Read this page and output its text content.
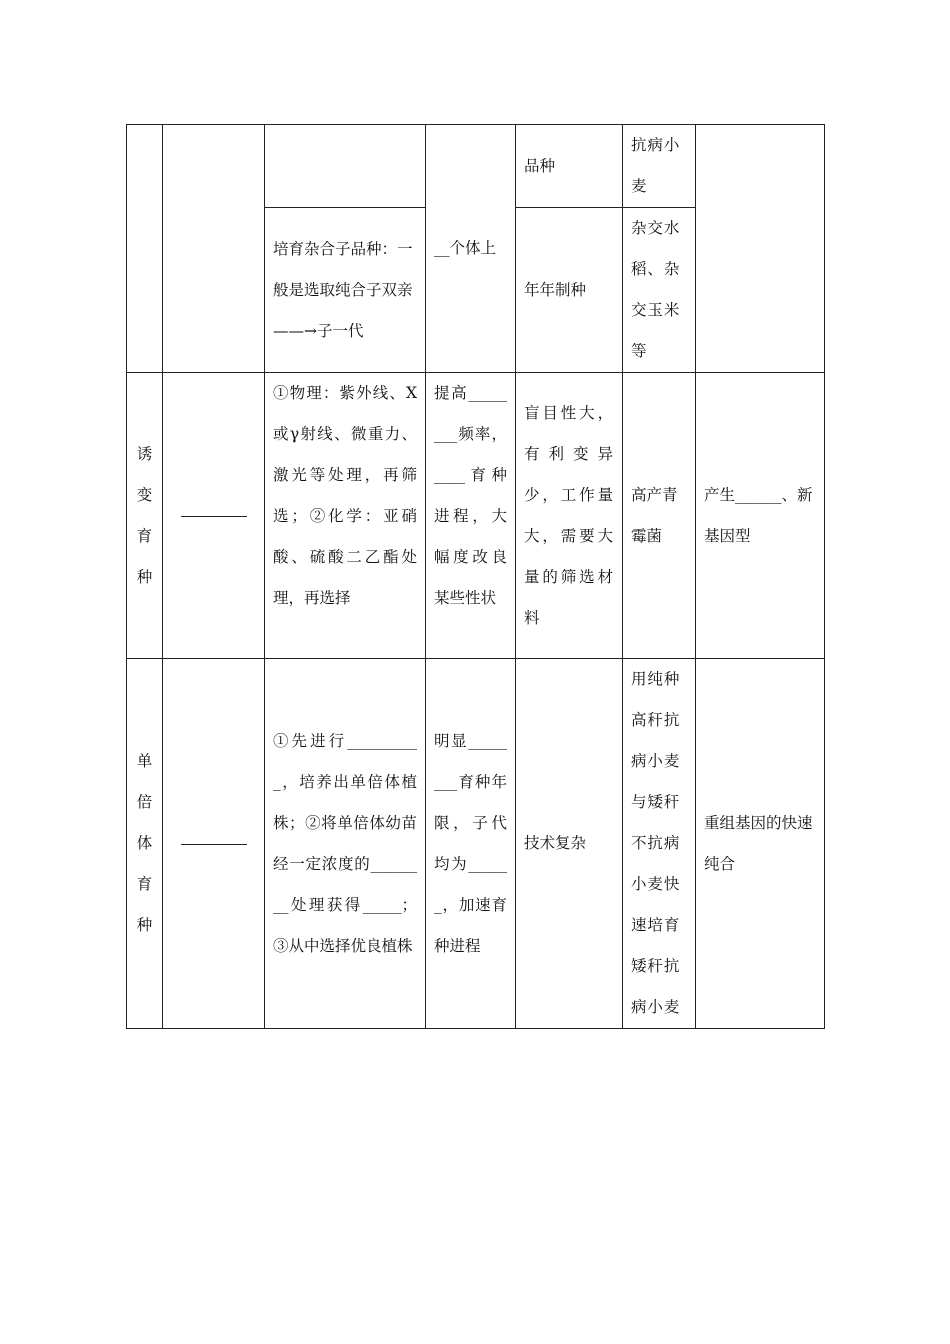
			__个体上	品种	抗病小麦	
		培育杂合子品种：一般是选取纯合子双亲——→子一代		年年制种	杂交水稻、杂交玉米等	

诱
变
育
种		①物理：紫外线、X或γ射线、微重力、激光等处理，再筛选；②化学：亚硝酸、硫酸二乙酯处理，再选择	提高________频率，____育种进程，大幅度改良某些性状	盲目性大，有利变异少，工作量大，需要大量的筛选材料	高产青霉菌	产生______、新基因型

单
倍
体
育
种		①先进行__________，培养出单倍体植株；②将单倍体幼苗经一定浓度的________处理获得_____；③从中选择优良植株	明显________育种年限，子代均为______，加速育种进程	技术复杂	用纯种高秆抗病小麦与矮秆不抗病小麦快速培育矮秆抗病小麦	重组基因的快速纯合
